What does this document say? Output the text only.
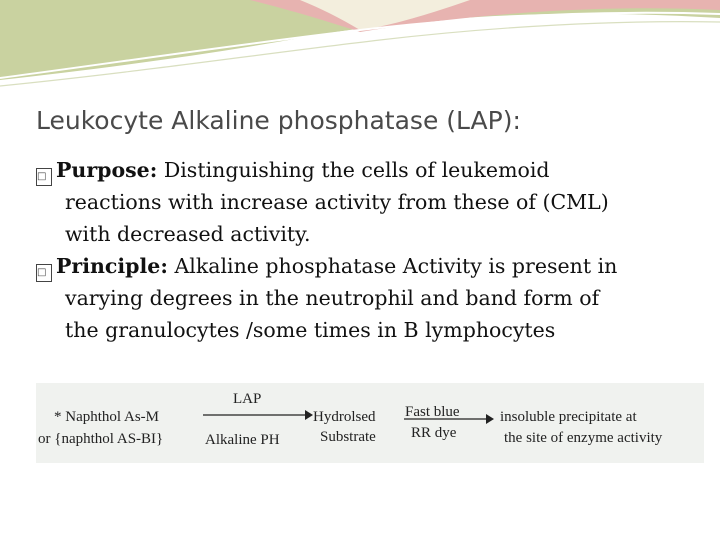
Leukocyte Alkaline phosphatase (LAP):

□ Purpose: Distinguishing the cells of leukemoid
reactions with increase activity from these of (CML)
with decreased activity.

□ Principle: Alkaline phosphatase Activity is present in
varying degrees in the neutrophil and band form of
the granulocytes /some times in B lymphocytes

* Naphthol As-M
or {naphthol AS-BI}
LAP
Alkaline PH
Hydrolsed
Substrate
Fast blue
RR dye
insoluble precipitate at
the site of enzyme activity
